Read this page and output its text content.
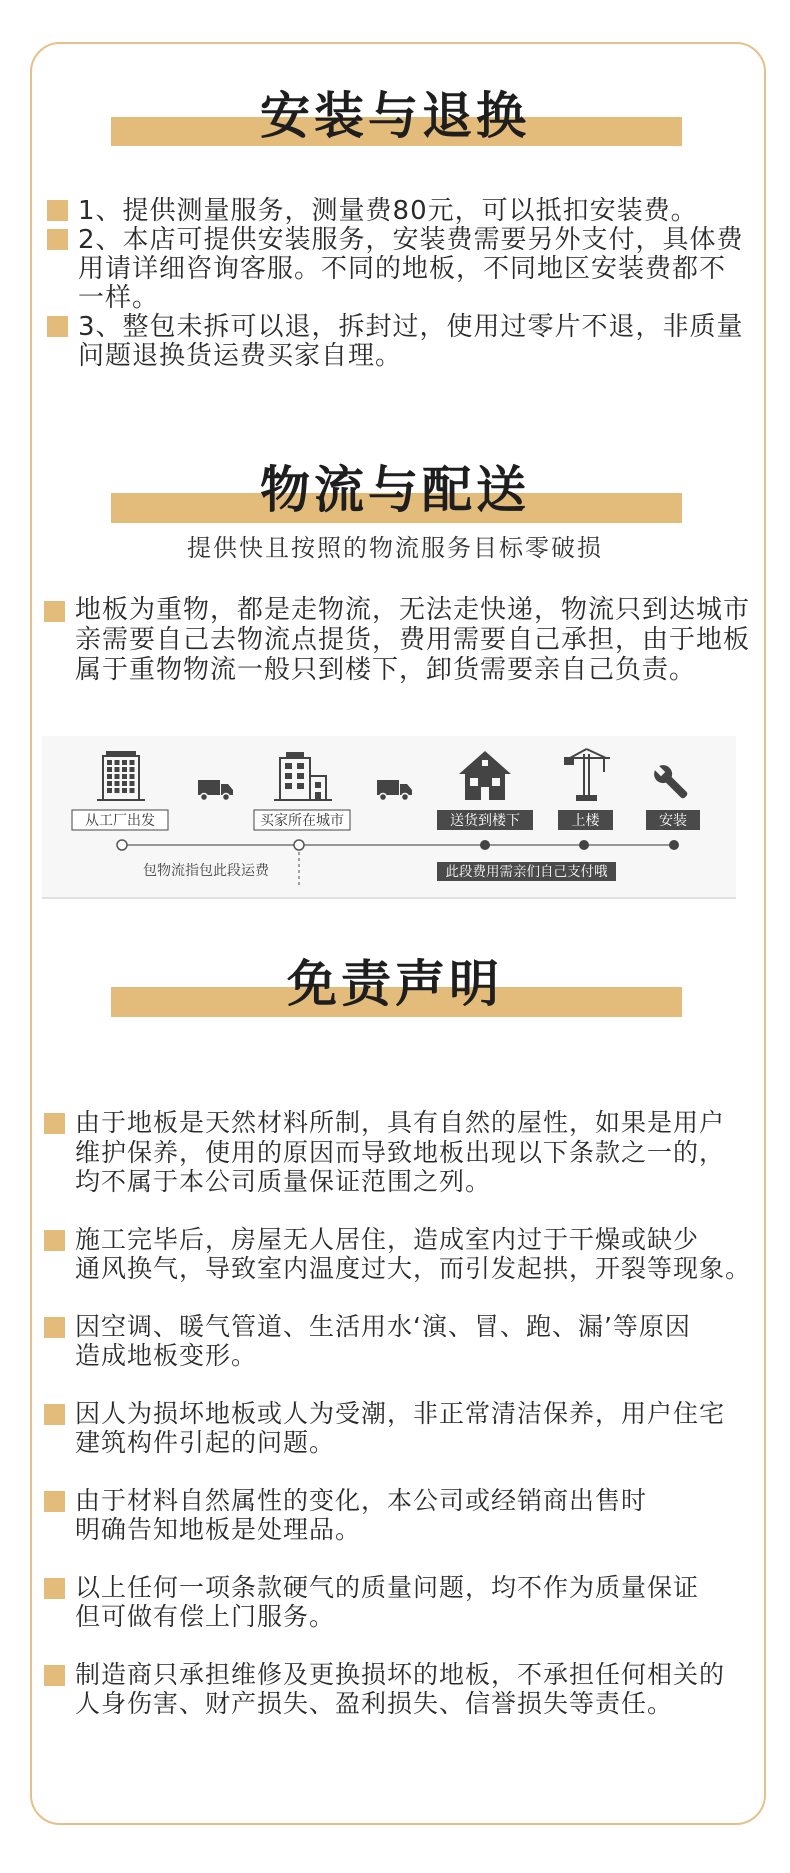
安装与退换
1、提供测量服务，测量费80元，可以抵扣安装费。
2、本店可提供安装服务，安装费需要另外支付，具体费
用请详细咨询客服。不同的地板，不同地区安装费都不
一样。
3、整包未拆可以退，拆封过，使用过零片不退，非质量
问题退换货运费买家自理。
物流与配送
提供快且按照的物流服务目标零破损
地板为重物，都是走物流，无法走快递，物流只到达城市
亲需要自己去物流点提货，费用需要自己承担，由于地板
属于重物物流一般只到楼下，卸货需要亲自己负责。
从工厂出发	买家所在城市	送货到楼下	上楼	安装
包物流指包此段运费	此段费用需亲们自己支付哦
免责声明
由于地板是天然材料所制，具有自然的屋性，如果是用户
维护保养，使用的原因而导致地板出现以下条款之一的，
均不属于本公司质量保证范围之列。
施工完毕后，房屋无人居住，造成室内过于干燥或缺少
通风换气，导致室内温度过大，而引发起拱，开裂等现象。
因空调、暖气管道、生活用水‘演、冒、跑、漏’等原因
造成地板变形。
因人为损坏地板或人为受潮，非正常清洁保养，用户住宅
建筑构件引起的问题。
由于材料自然属性的变化，本公司或经销商出售时
明确告知地板是处理品。
以上任何一项条款硬气的质量问题，均不作为质量保证
但可做有偿上门服务。
制造商只承担维修及更换损坏的地板，不承担任何相关的
人身伤害、财产损失、盈利损失、信誉损失等责任。
